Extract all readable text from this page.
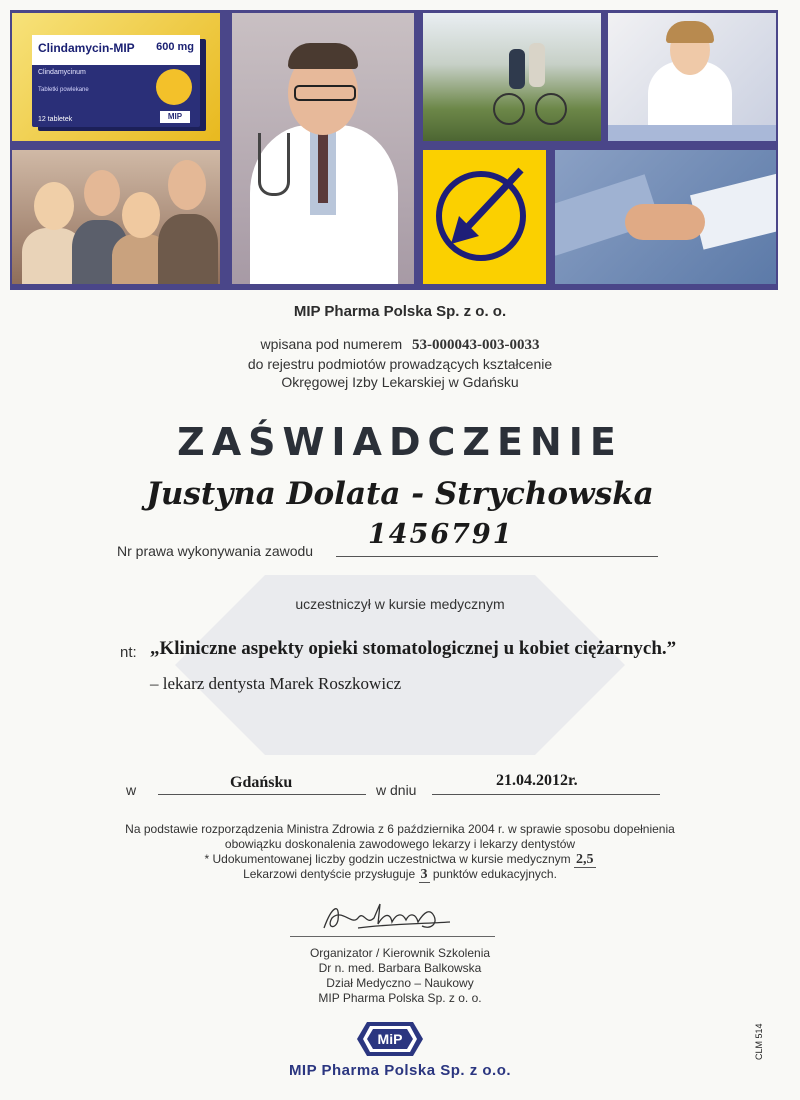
Clindamycin-MIP 600 mg
Clindamycinum
Tabletki powlekane
12 tabletek	MIP
MIP Pharma Polska Sp. z o. o.
wpisana pod numerem 53-000043-003-0033
do rejestru podmiotów prowadzących kształcenie
Okręgowej Izby Lekarskiej w Gdańsku
ZAŚWIADCZENIE
Justyna Dolata - Strychowska
Nr prawa wykonywania zawodu
1456791
uczestniczył w kursie medycznym
nt: „Kliniczne aspekty opieki stomatologicznej u kobiet ciężarnych.”
– lekarz dentysta Marek Roszkowicz
w	Gdańsku	w dniu
21.04.2012r.
Na podstawie rozporządzenia Ministra Zdrowia z 6 października 2004 r. w sprawie sposobu dopełnienia
obowiązku doskonalenia zawodowego lekarzy i lekarzy dentystów
* Udokumentowanej liczby godzin uczestnictwa w kursie medycznym 2,5
Lekarzowi dentyście przysługuje 3 punktów edukacyjnych.
Organizator / Kierownik Szkolenia
Dr n. med. Barbara Balkowska
Dział Medyczno – Naukowy
MIP Pharma Polska Sp. z o. o.
MiP
MIP Pharma Polska Sp. z o.o.
CLM 514
